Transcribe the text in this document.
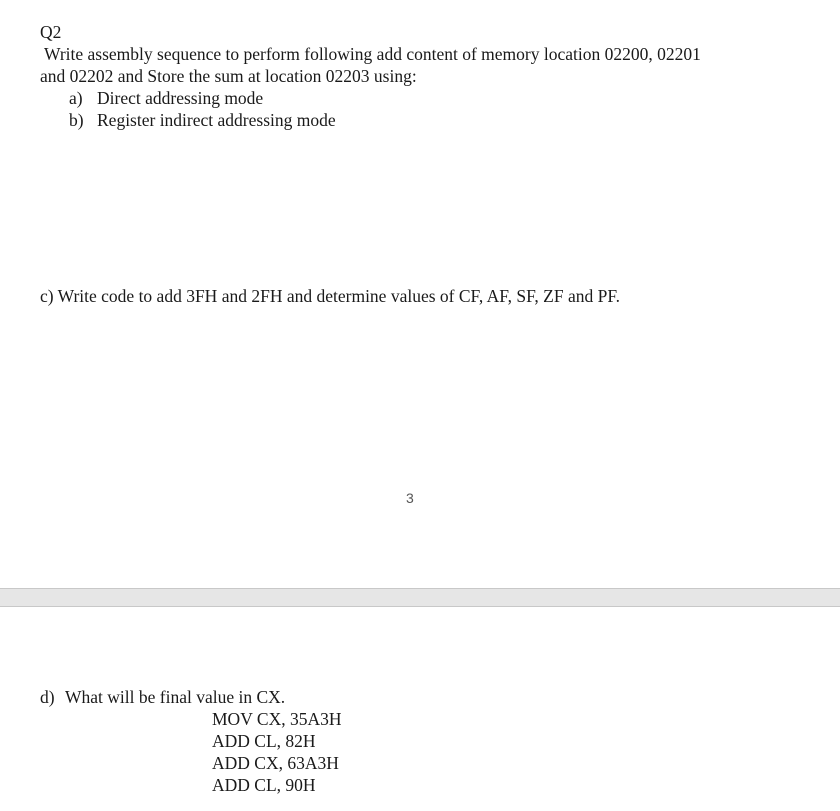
Q2
Write assembly sequence to perform following add content of memory location 02200, 02201
and 02202 and Store the sum at location 02203 using:
a) Direct addressing mode
b) Register indirect addressing mode
c) Write code to add 3FH and 2FH and determine values of CF, AF, SF, ZF and PF.
3
d) What will be final value in CX.
MOV CX, 35A3H
ADD CL, 82H
ADD CX, 63A3H
ADD CL, 90H
